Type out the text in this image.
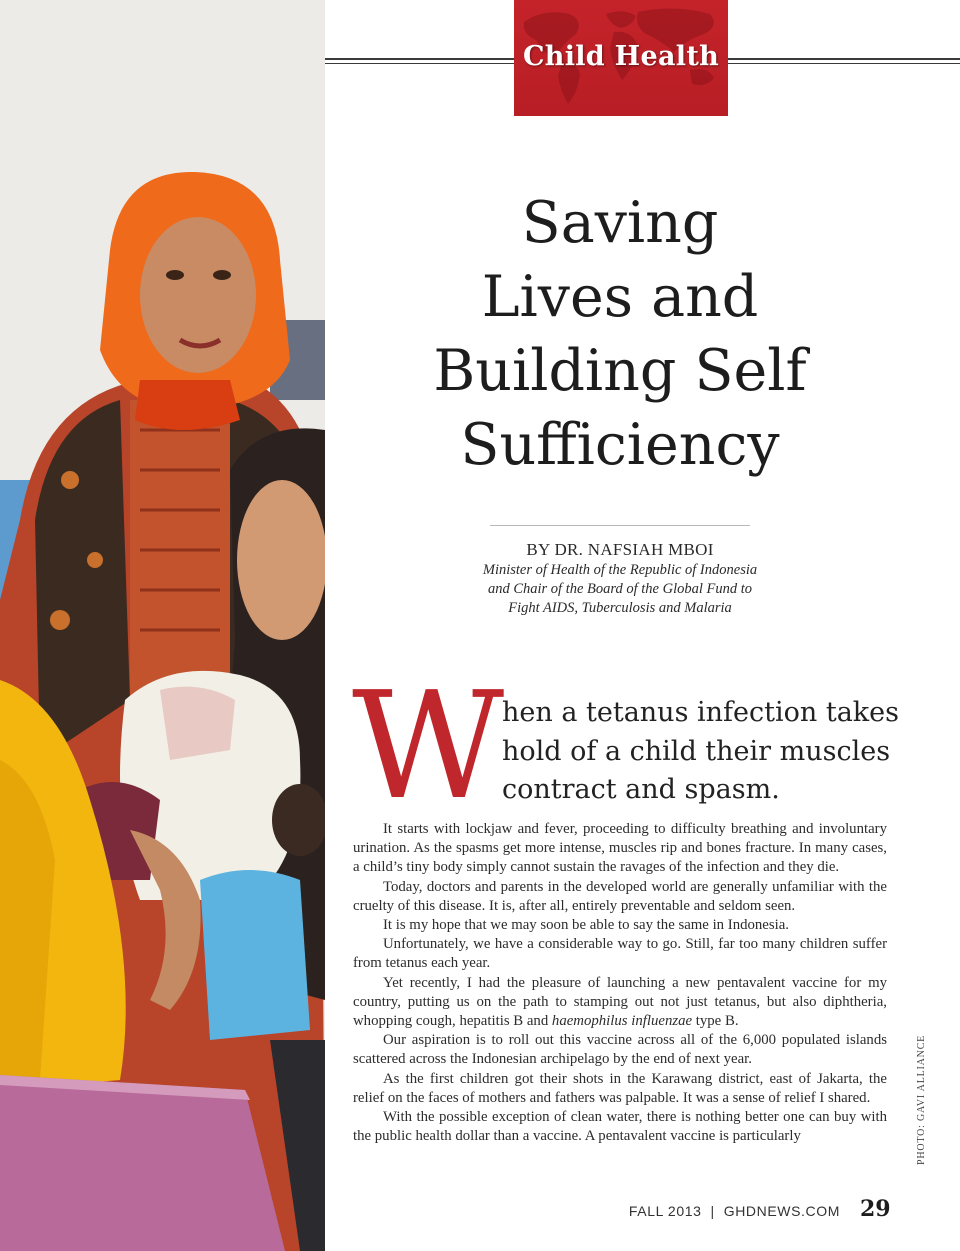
Child Health
Saving
Lives and
Building Self
Sufficiency
BY DR. NAFSIAH MBOI
Minister of Health of the Republic of Indonesia
and Chair of the Board of the Global Fund to
Fight AIDS, Tuberculosis and Malaria
W
hen a tetanus infection takes
hold of a child their muscles
contract and spasm.

It starts with lockjaw and fever, proceeding to difficulty breathing and involuntary urination. As the spasms get more intense, muscles rip and bones fracture. In many cases, a child’s tiny body simply cannot sustain the ravages of the infection and they die.

Today, doctors and parents in the developed world are generally unfamiliar with the cruelty of this disease. It is, after all, entirely preventable and seldom seen.

It is my hope that we may soon be able to say the same in Indonesia.

Unfortunately, we have a considerable way to go. Still, far too many children suffer from tetanus each year.

Yet recently, I had the pleasure of launching a new pentavalent vaccine for my country, putting us on the path to stamping out not just tetanus, but also diphtheria, whopping cough, hepatitis B and haemophilus influenzae type B.

Our aspiration is to roll out this vaccine across all of the 6,000 populated islands scattered across the Indonesian archipelago by the end of next year.

As the first children got their shots in the Karawang district, east of Jakarta, the relief on the faces of mothers and fathers was palpable. It was a sense of relief I shared.

With the possible exception of clean water, there is nothing better one can buy with the public health dollar than a vaccine. A pentavalent vaccine is particularly	PHOTO: GAVI ALLIANCE
FALL 2013 | GHDNEWS.COM 29
